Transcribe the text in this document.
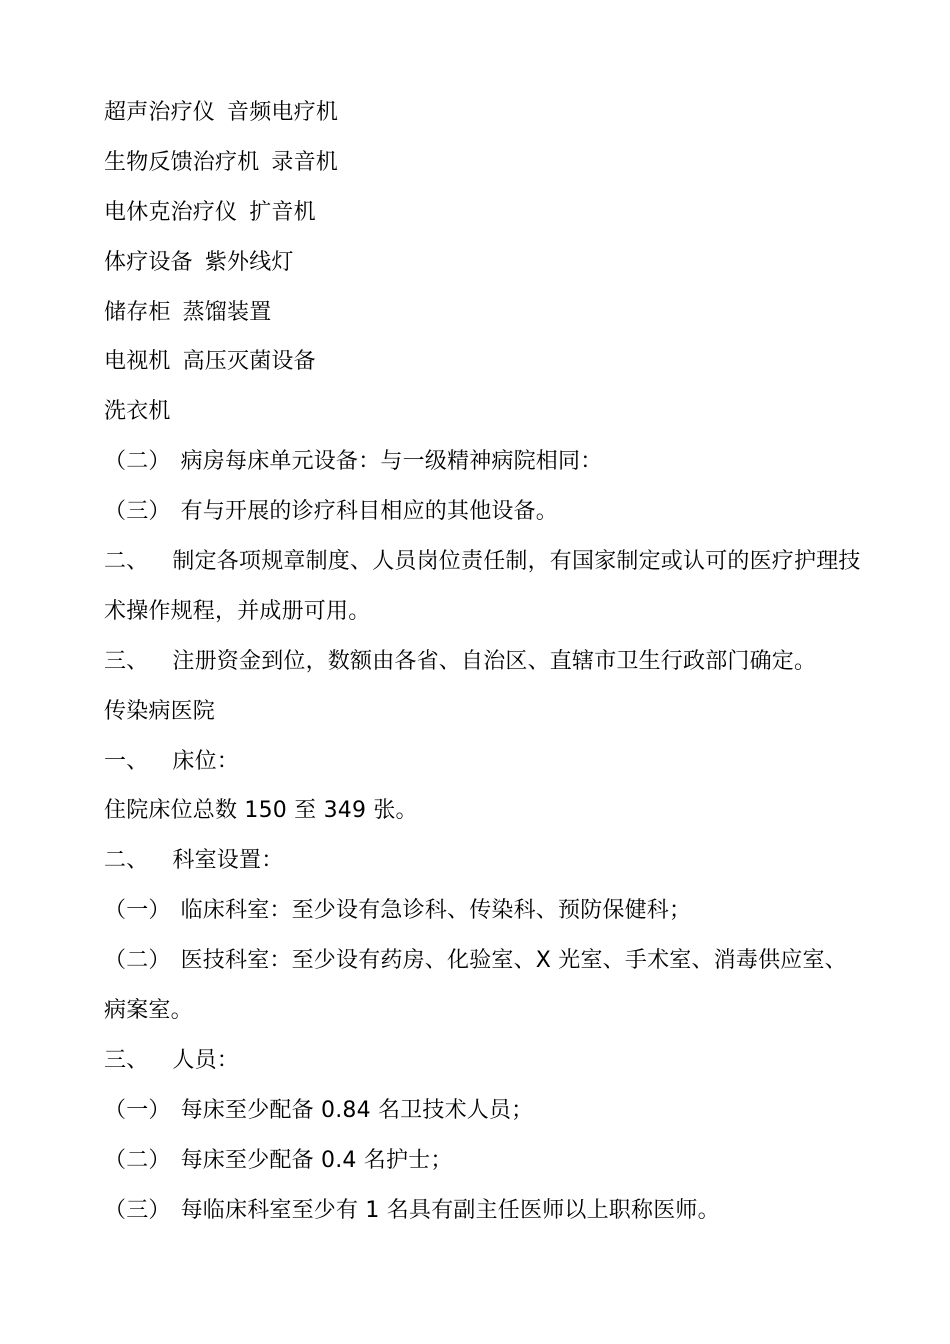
超声治疗仪 音频电疗机
生物反馈治疗机 录音机
电休克治疗仪 扩音机
体疗设备 紫外线灯
储存柜 蒸馏装置
电视机 高压灭菌设备
洗衣机
（二） 病房每床单元设备：与一级精神病院相同：
（三） 有与开展的诊疗科目相应的其他设备。
二、 制定各项规章制度、人员岗位责任制，有国家制定或认可的医疗护理技
术操作规程，并成册可用。
三、 注册资金到位，数额由各省、自治区、直辖市卫生行政部门确定。
传染病医院
一、 床位：
住院床位总数 150 至 349 张。
二、 科室设置：
（一） 临床科室：至少设有急诊科、传染科、预防保健科；
（二） 医技科室：至少设有药房、化验室、X 光室、手术室、消毒供应室、
病案室。
三、 人员：
（一） 每床至少配备 0.84 名卫技术人员；
（二） 每床至少配备 0.4 名护士；
（三） 每临床科室至少有 1 名具有副主任医师以上职称医师。
